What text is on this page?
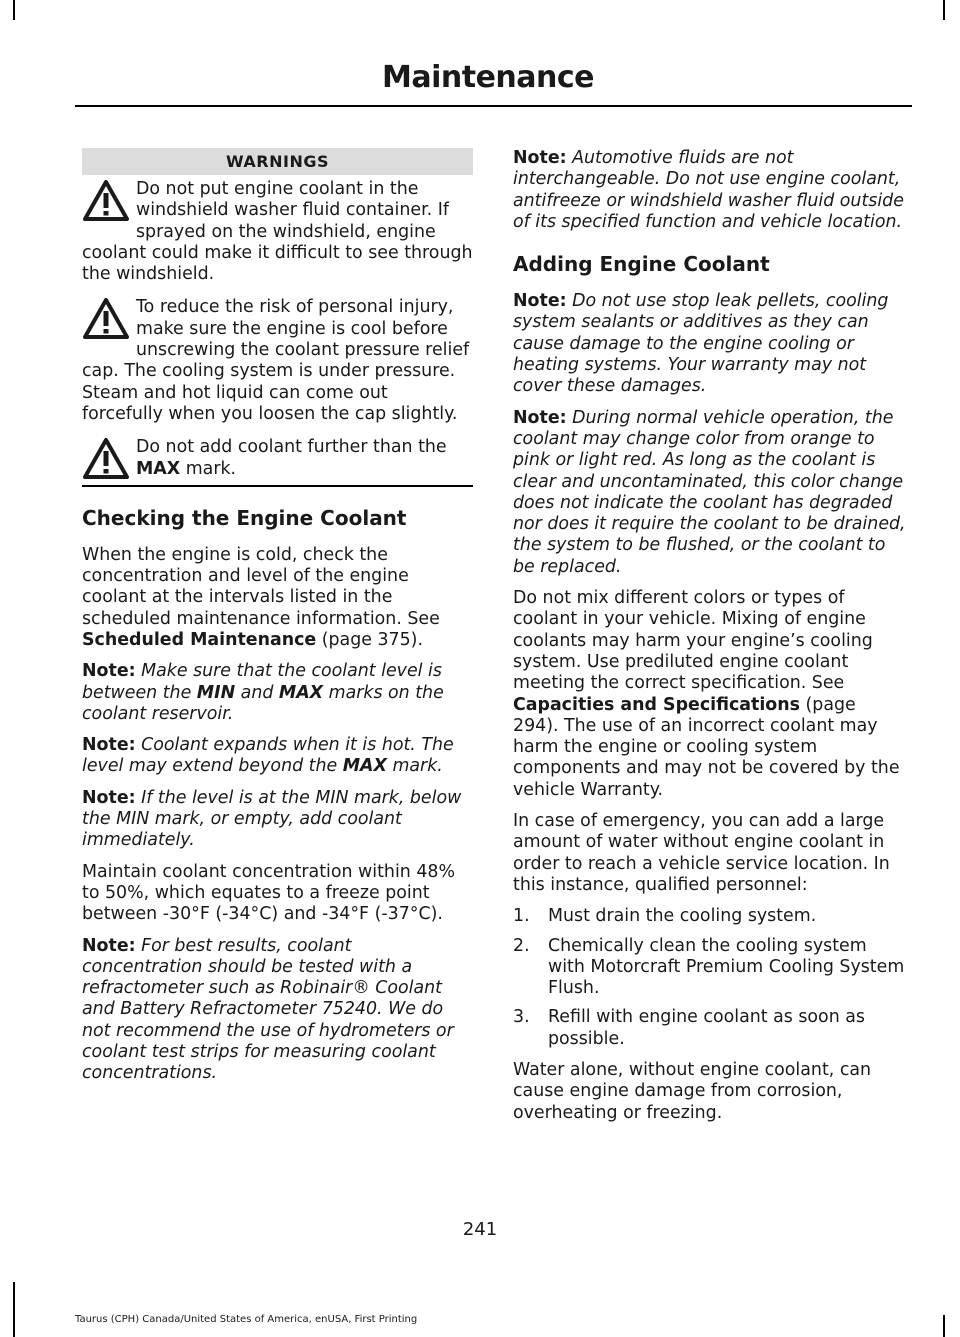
Maintenance
WARNINGS
Do not put engine coolant in the windshield washer fluid container. If sprayed on the windshield, engine coolant could make it difficult to see through the windshield.
To reduce the risk of personal injury, make sure the engine is cool before unscrewing the coolant pressure relief cap. The cooling system is under pressure. Steam and hot liquid can come out forcefully when you loosen the cap slightly.
Do not add coolant further than the MAX mark.
Checking the Engine Coolant

When the engine is cold, check the concentration and level of the engine coolant at the intervals listed in the scheduled maintenance information. See Scheduled Maintenance (page 375).

Note: Make sure that the coolant level is between the MIN and MAX marks on the coolant reservoir.

Note: Coolant expands when it is hot. The level may extend beyond the MAX mark.

Note: If the level is at the MIN mark, below the MIN mark, or empty, add coolant immediately.

Maintain coolant concentration within 48% to 50%, which equates to a freeze point between -30°F (-34°C) and -34°F (-37°C).

Note: For best results, coolant concentration should be tested with a refractometer such as Robinair® Coolant and Battery Refractometer 75240. We do not recommend the use of hydrometers or coolant test strips for measuring coolant concentrations.

Note: Automotive fluids are not interchangeable. Do not use engine coolant, antifreeze or windshield washer fluid outside of its specified function and vehicle location.

Adding Engine Coolant

Note: Do not use stop leak pellets, cooling system sealants or additives as they can cause damage to the engine cooling or heating systems. Your warranty may not cover these damages.

Note: During normal vehicle operation, the coolant may change color from orange to pink or light red. As long as the coolant is clear and uncontaminated, this color change does not indicate the coolant has degraded nor does it require the coolant to be drained, the system to be flushed, or the coolant to be replaced.

Do not mix different colors or types of coolant in your vehicle. Mixing of engine coolants may harm your engine’s cooling system. Use prediluted engine coolant meeting the correct specification. See Capacities and Specifications (page 294). The use of an incorrect coolant may harm the engine or cooling system components and may not be covered by the vehicle Warranty.

In case of emergency, you can add a large amount of water without engine coolant in order to reach a vehicle service location. In this instance, qualified personnel:

1. Must drain the cooling system.
2. Chemically clean the cooling system with Motorcraft Premium Cooling System Flush.
3. Refill with engine coolant as soon as possible.

Water alone, without engine coolant, can cause engine damage from corrosion, overheating or freezing.

241
Taurus (CPH) Canada/United States of America, enUSA, First Printing
